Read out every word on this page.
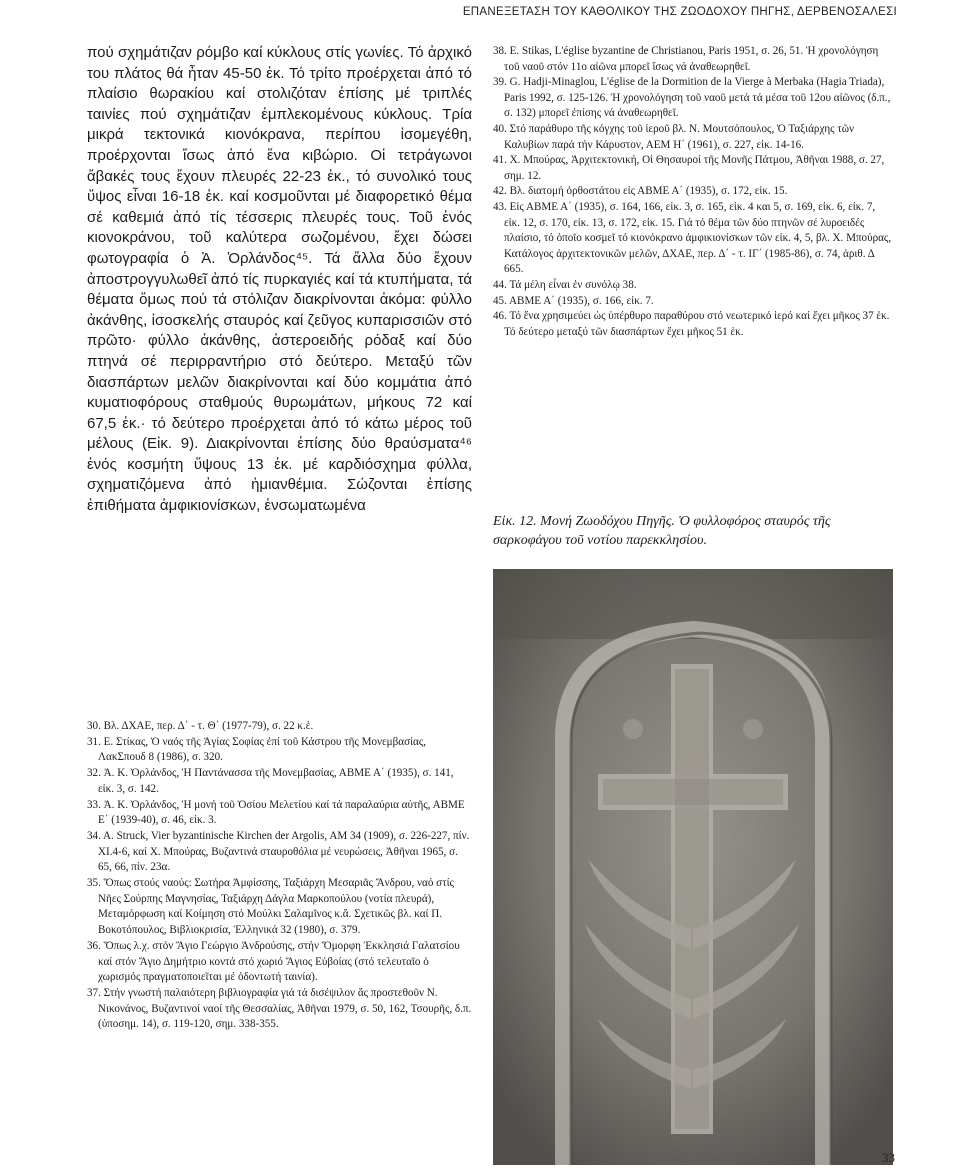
ΕΠΑΝΕΞΕΤΑΣΗ ΤΟΥ ΚΑΘΟΛΙΚΟΥ ΤΗΣ ΖΩΟΔΟΧΟΥ ΠΗΓΗΣ, ΔΕΡΒΕΝΟΣΑΛΕΣΙ

πού σχημάτιζαν ρόμβο καί κύκλους στίς γωνίες. Τό ἀρχικό του πλάτος θά ἦταν 45-50 ἑκ. Τό τρίτο προέρχεται ἀπό τό πλαίσιο θωρακίου καί στολιζόταν ἐπίσης μέ τριπλές ταινίες πού σχημάτιζαν ἐμπλεκομένους κύκλους. Τρία μικρά τεκτονικά κιονόκρανα, περίπου ἰσομεγέθη, προέρχονται ἴσως ἀπό ἕνα κιβώριο. Οἱ τετράγωνοι ἄβακές τους ἔχουν πλευρές 22-23 ἑκ., τό συνολικό τους ὕψος εἶναι 16-18 ἑκ. καί κοσμοῦνται μέ διαφορετικό θέμα σέ καθεμιά ἀπό τίς τέσσερις πλευρές τους. Τοῦ ἑνός κιονοκράνου, τοῦ καλύτερα σωζομένου, ἔχει δώσει φωτογραφία ὁ Ἀ. Ὀρλάνδος⁴⁵. Τά ἄλλα δύο ἔχουν ἀποστρογγυλωθεῖ ἀπό τίς πυρκαγιές καί τά κτυπήματα, τά θέματα ὅμως πού τά στόλιζαν διακρίνονται ἀκόμα: φύλλο ἀκάνθης, ἰσοσκελής σταυρός καί ζεῦγος κυπαρισσιῶν στό πρῶτο· φύλλο ἀκάνθης, ἀστεροειδής ρόδαξ καί δύο πτηνά σέ περιρραντήριο στό δεύτερο. Μεταξύ τῶν διασπάρτων μελῶν διακρίνονται καί δύο κομμάτια ἀπό κυματιοφόρους σταθμούς θυρωμάτων, μήκους 72 καί 67,5 ἑκ.· τό δεύτερο προέρχεται ἀπό τό κάτω μέρος τοῦ μέλους (Εἰκ. 9). Διακρίνονται ἐπίσης δύο θραύσματα⁴⁶ ἑνός κοσμήτη ὕψους 13 ἑκ. μέ καρδιόσχημα φύλλα, σχηματιζόμενα ἀπό ἡμιανθέμια. Σώζονται ἐπίσης ἐπιθήματα ἀμφικιονίσκων, ἐνσωματωμένα

38. E. Stikas, L'église byzantine de Christianou, Paris 1951, σ. 26, 51. Ἡ χρονολόγηση τοῦ ναοῦ στόν 11ο αἰῶνα μπορεῖ ἴσως νά ἀναθεωρηθεῖ.

39. G. Hadji-Minaglou, L'église de la Dormition de la Vierge à Merbaka (Hagia Triada), Paris 1992, σ. 125-126. Ἡ χρονολόγηση τοῦ ναοῦ μετά τά μέσα τοῦ 12ου αἰῶνος (δ.π., σ. 132) μπορεῖ ἐπίσης νά ἀναθεωρηθεῖ.

40. Στό παράθυρο τῆς κόγχης τοῦ ἱεροῦ βλ. Ν. Μουτσόπουλος, Ὁ Ταξιάρχης τῶν Καλυβίων παρά τήν Κάρυστον, ΑΕΜ Η΄ (1961), σ. 227, εἰκ. 14-16.

41. Χ. Μπούρας, Ἀρχιτεκτονική, Οἱ Θησαυροί τῆς Μονῆς Πάτμου, Ἀθῆναι 1988, σ. 27, σημ. 12.

42. Βλ. διατομή ὀρθοστάτου εἰς ΑΒΜΕ Α΄ (1935), σ. 172, εἰκ. 15.

43. Εἰς ΑΒΜΕ Α΄ (1935), σ. 164, 166, εἰκ. 3, σ. 165, εἰκ. 4 και 5, σ. 169, εἰκ. 6, εἰκ. 7, εἰκ. 12, σ. 170, εἰκ. 13, σ. 172, εἰκ. 15. Γιά τό θέμα τῶν δύο πτηνῶν σέ λυροειδές πλαίσιο, τό ὁποῖο κοσμεῖ τό κιονόκρανο ἀμφικιονίσκων τῶν εἰκ. 4, 5, βλ. Χ. Μπούρας, Κατάλογος ἀρχιτεκτονικῶν μελῶν, ΔΧΑΕ, περ. Δ΄ - τ. ΙΓ΄ (1985-86), σ. 74, ἀριθ. Δ 665.

44. Τά μέλη εἶναι ἐν συνόλῳ 38.

45. ΑΒΜΕ Α΄ (1935), σ. 166, εἰκ. 7.

46. Τό ἕνα χρησιμεύει ὡς ὑπέρθυρο παραθύρου στό νεωτερικό ἱερό καί ἔχει μῆκος 37 ἑκ. Τό δεύτερο μεταξύ τῶν διασπάρτων ἔχει μῆκος 51 ἑκ.

Εἰκ. 12. Μονή Ζωοδόχου Πηγῆς. Ὁ φυλλοφόρος σταυρός τῆς σαρκοφάγου τοῦ νοτίου παρεκκλησίου.

30. Βλ. ΔΧΑΕ, περ. Δ΄ - τ. Θ΄ (1977-79), σ. 22 κ.ἑ.

31. Ε. Στίκας, Ὁ ναός τῆς Ἁγίας Σοφίας ἐπί τοῦ Κάστρου τῆς Μονεμβασίας, ΛακΣπουδ 8 (1986), σ. 320.

32. Ἀ. Κ. Ὀρλάνδος, Ἡ Παντάνασσα τῆς Μονεμβασίας, ΑΒΜΕ Α΄ (1935), σ. 141, εἰκ. 3, σ. 142.

33. Ἀ. Κ. Ὀρλάνδος, Ἡ μονή τοῦ Ὁσίου Μελετίου καί τά παραλαύρια αὐτῆς, ΑΒΜΕ Ε΄ (1939-40), σ. 46, εἰκ. 3.

34. A. Struck, Vier byzantinische Kirchen der Argolis, AM 34 (1909), σ. 226-227, πίν. XI.4-6, καί Χ. Μπούρας, Βυζαντινά σταυροθόλια μέ νευρώσεις, Ἀθῆναι 1965, σ. 65, 66, πίν. 23α.

35. Ὅπως στούς ναούς: Σωτήρα Ἀμφίσσης, Ταξιάρχη Μεσαριᾶς Ἄνδρου, ναό στίς Νῆες Σούρπης Μαγνησίας, Ταξιάρχη Δάγλα Μαρκοπούλου (νοτία πλευρά), Μεταμόρφωση καί Κοίμηση στό Μούλκι Σαλαμῖνος κ.ἄ. Σχετικῶς βλ. καί Π. Βοκοτόπουλος, Βιβλιοκρισία, Ἑλληνικά 32 (1980), σ. 379.

36. Ὅπως λ.χ. στόν Ἅγιο Γεώργιο Ἀνδρούσης, στήν Ὅμορφη Ἐκκλησιά Γαλατσίου καί στόν Ἅγιο Δημήτριο κοντά στό χωριό Ἅγιος Εὐβοίας (στό τελευταῖο ὁ χωρισμός πραγματοποιεῖται μέ ὀδοντωτή ταινία).

37. Στήν γνωστή παλαιότερη βιβλιογραφία γιά τά δισέψιλον ἄς προστεθοῦν Ν. Νικονάνος, Βυζαντινοί ναοί τῆς Θεσσαλίας, Ἀθῆναι 1979, σ. 50, 162, Τσουρῆς, δ.π. (ὑποσημ. 14), σ. 119-120, σημ. 338-355.

33
